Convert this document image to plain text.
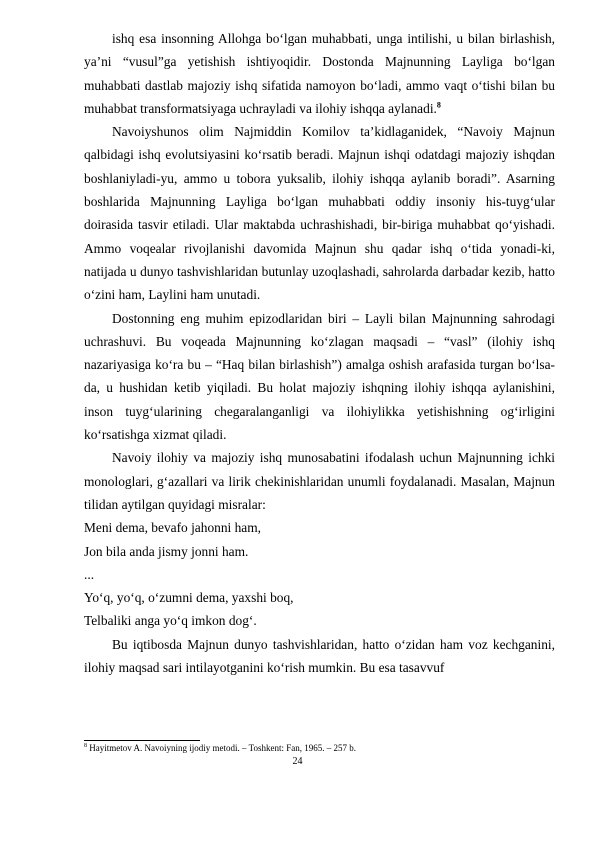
ishq esa insonning Allohga bo‘lgan muhabbati, unga intilishi, u bilan birlashish, ya’ni “vusul”ga yetishish ishtiyoqidir. Dostonda Majnunning Layliga bo‘lgan muhabbati dastlab majoziy ishq sifatida namoyon bo‘ladi, ammo vaqt o‘tishi bilan bu muhabbat transformatsiyaga uchrayladi va ilohiy ishqqa aylanadi.$^8$

Navoiyshunos olim Najmiddin Komilov ta’kidlaganidek, “Navoiy Majnun qalbidagi ishq evolutsiyasini ko‘rsatib beradi. Majnun ishqi odatdagi majoziy ishqdan boshlaniyladi-yu, ammo u tobora yuksalib, ilohiy ishqqa aylanib boradi”. Asarning boshlarida Majnunning Layliga bo‘lgan muhabbati oddiy insoniy his-tuyg‘ular doirasida tasvir etiladi. Ular maktabda uchrashishadi, bir-biriga muhabbat qo‘yishadi. Ammo voqealar rivojlanishi davomida Majnun shu qadar ishq o‘tida yonadi-ki, natijada u dunyo tashvishlaridan butunlay uzoqlashadi, sahrolarda darbadar kezib, hatto o‘zini ham, Laylini ham unutadi.

Dostonning eng muhim epizodlaridan biri – Layli bilan Majnunning sahrodagi uchrashuvi. Bu voqeada Majnunning ko‘zlagan maqsadi – “vasl” (ilohiy ishq nazariyasiga ko‘ra bu – “Haq bilan birlashish”) amalga oshish arafasida turgan bo‘lsa-da, u hushidan ketib yiqiladi. Bu holat majoziy ishqning ilohiy ishqqa aylanishini, inson tuyg‘ularining chegaralanganligi va ilohiylikka yetishishning og‘irligini ko‘rsatishga xizmat qiladi.

Navoiy ilohiy va majoziy ishq munosabatini ifodalash uchun Majnunning ichki monologlari, g‘azallari va lirik chekinishlaridan unumli foydalanadi. Masalan, Majnun tilidan aytilgan quyidagi misralar:

Meni dema, bevafo jahonni ham,

Jon bila anda jismy jonni ham.

...

Yo‘q, yo‘q, o‘zumni dema, yaxshi boq,

Telbaliki anga yo‘q imkon dog‘.

Bu iqtibosda Majnun dunyo tashvishlaridan, hatto o‘zidan ham voz kechganini, ilohiy maqsad sari intilayotganini ko‘rish mumkin. Bu esa tasavvuf

$^8$ Hayitmetov A. Navoiyning ijodiy metodi. – Toshkent: Fan, 1965. – 257 b.
24
